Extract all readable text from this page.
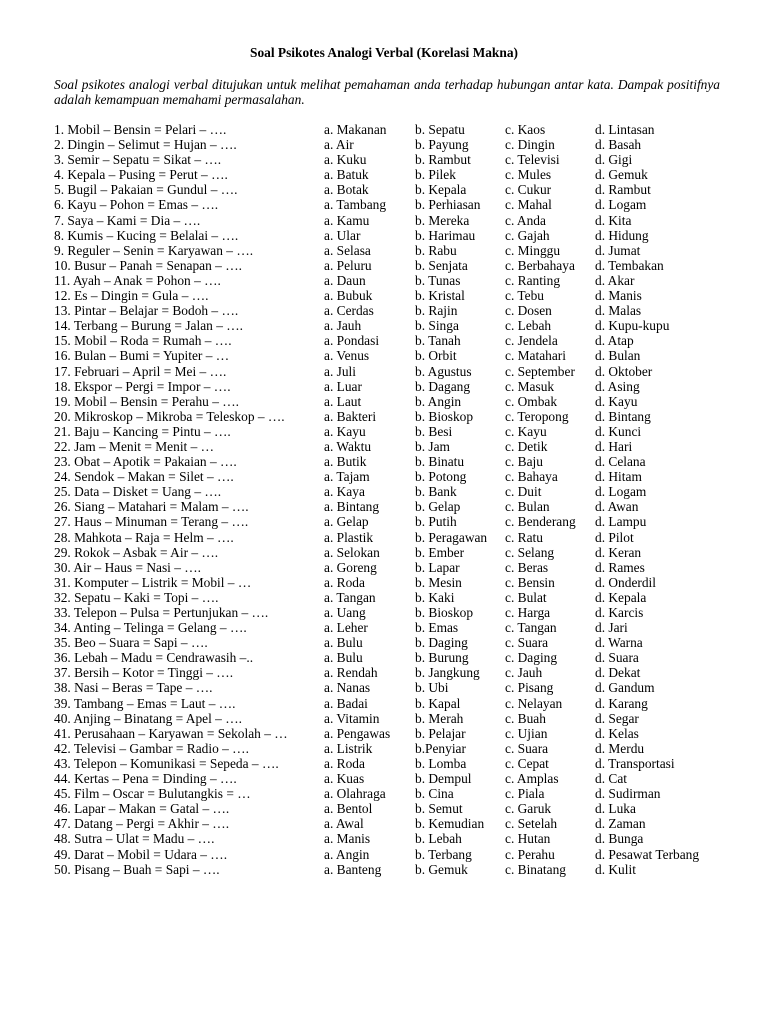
Soal Psikotes Analogi Verbal (Korelasi Makna)

Soal psikotes analogi verbal ditujukan untuk melihat pemahaman anda terhadap hubungan antar kata. Dampak positifnya adalah kemampuan memahami permasalahan.

1. Mobil – Bensin = Pelari – ….	a. Makanan b. Sepatu	c. Kaos	d. Lintasan
2. Dingin – Selimut = Hujan – ….	a. Air	b. Payung	c. Dingin	d. Basah
3. Semir – Sepatu = Sikat – ….	a. Kuku	b. Rambut	c. Televisi	d. Gigi
4. Kepala – Pusing = Perut – ….	a. Batuk	b. Pilek	c. Mules	d. Gemuk
5. Bugil – Pakaian = Gundul – ….	a. Botak	b. Kepala	c. Cukur	d. Rambut
6. Kayu – Pohon = Emas – ….	a. Tambang b. Perhiasan c. Mahal	d. Logam
7. Saya – Kami = Dia – ….	a. Kamu	b. Mereka	c. Anda	d. Kita
8. Kumis – Kucing = Belalai – ….	a. Ular	b. Harimau c. Gajah	d. Hidung
9. Reguler – Senin = Karyawan – ….	a. Selasa	b. Rabu	c. Minggu	d. Jumat
10. Busur – Panah = Senapan – ….	a. Peluru	b. Senjata	c. Berbahaya d. Tembakan
11. Ayah – Anak = Pohon – ….	a. Daun	b. Tunas	c. Ranting	d. Akar
12. Es – Dingin = Gula – ….	a. Bubuk	b. Kristal	c. Tebu	d. Manis
13. Pintar – Belajar = Bodoh – ….	a. Cerdas	b. Rajin	c. Dosen	d. Malas
14. Terbang – Burung = Jalan – ….	a. Jauh	b. Singa	c. Lebah	d. Kupu-kupu
15. Mobil – Roda = Rumah – ….	a. Pondasi	b. Tanah	c. Jendela	d. Atap
16. Bulan – Bumi = Yupiter – …	a. Venus	b. Orbit	c. Matahari d. Bulan
17. Februari – April = Mei – ….	a. Juli	b. Agustus c. September d. Oktober
18. Ekspor – Pergi = Impor – ….	a. Luar	b. Dagang	c. Masuk	d. Asing
19. Mobil – Bensin = Perahu – ….	a. Laut	b. Angin	c. Ombak	d. Kayu
20. Mikroskop – Mikroba = Teleskop – ….	a. Bakteri	b. Bioskop c. Teropong d. Bintang
21. Baju – Kancing = Pintu – ….	a. Kayu	b. Besi	c. Kayu	d. Kunci
22. Jam – Menit = Menit – …	a. Waktu	b. Jam	c. Detik	d. Hari
23. Obat – Apotik = Pakaian – ….	a. Butik	b. Binatu	c. Baju	d. Celana
24. Sendok – Makan = Silet – ….	a. Tajam	b. Potong	c. Bahaya	d. Hitam
25. Data – Disket = Uang – ….	a. Kaya	b. Bank	c. Duit	d. Logam
26. Siang – Matahari = Malam – ….	a. Bintang	b. Gelap	c. Bulan	d. Awan
27. Haus – Minuman = Terang – ….	a. Gelap	b. Putih	c. Benderang d. Lampu
28. Mahkota – Raja = Helm – ….	a. Plastik	b. Peragawan c. Ratu	d. Pilot
29. Rokok – Asbak = Air – ….	a. Selokan	b. Ember	c. Selang	d. Keran
30. Air – Haus = Nasi – ….	a. Goreng	b. Lapar	c. Beras	d. Rames
31. Komputer – Listrik = Mobil – …	a. Roda	b. Mesin	c. Bensin	d. Onderdil
32. Sepatu – Kaki = Topi – ….	a. Tangan	b. Kaki	c. Bulat	d. Kepala
33. Telepon – Pulsa = Pertunjukan – ….	a. Uang	b. Bioskop c. Harga	d. Karcis
34. Anting – Telinga = Gelang – ….	a. Leher	b. Emas	c. Tangan	d. Jari
35. Beo – Suara = Sapi – ….	a. Bulu	b. Daging	c. Suara	d. Warna
36. Lebah – Madu = Cendrawasih –..	a. Bulu	b. Burung	c. Daging	d. Suara
37. Bersih – Kotor = Tinggi – ….	a. Rendah	b. Jangkung c. Jauh	d. Dekat
38. Nasi – Beras = Tape – ….	a. Nanas	b. Ubi	c. Pisang	d. Gandum
39. Tambang – Emas = Laut – ….	a. Badai	b. Kapal	c. Nelayan d. Karang
40. Anjing – Binatang = Apel – ….	a. Vitamin	b. Merah	c. Buah	d. Segar
41. Perusahaan – Karyawan = Sekolah – …	a. Pengawas b. Pelajar	c. Ujian	d. Kelas
42. Televisi – Gambar = Radio – ….	a. Listrik	b.Penyiar	c. Suara	d. Merdu
43. Telepon – Komunikasi = Sepeda – ….	a. Roda	b. Lomba	c. Cepat	d. Transportasi
44. Kertas – Pena = Dinding – ….	a. Kuas	b. Dempul c. Amplas	d. Cat
45. Film – Oscar = Bulutangkis = …	a. Olahraga b. Cina	c. Piala	d. Sudirman
46. Lapar – Makan = Gatal – ….	a. Bentol	b. Semut	c. Garuk	d. Luka
47. Datang – Pergi = Akhir – ….	a. Awal	b. Kemudian c. Setelah	d. Zaman
48. Sutra – Ulat = Madu – ….	a. Manis	b. Lebah	c. Hutan	d. Bunga
49. Darat – Mobil = Udara – ….	a. Angin	b. Terbang c. Perahu	d. Pesawat Terbang
50. Pisang – Buah = Sapi – ….	a. Banteng	b. Gemuk	c. Binatang d. Kulit
